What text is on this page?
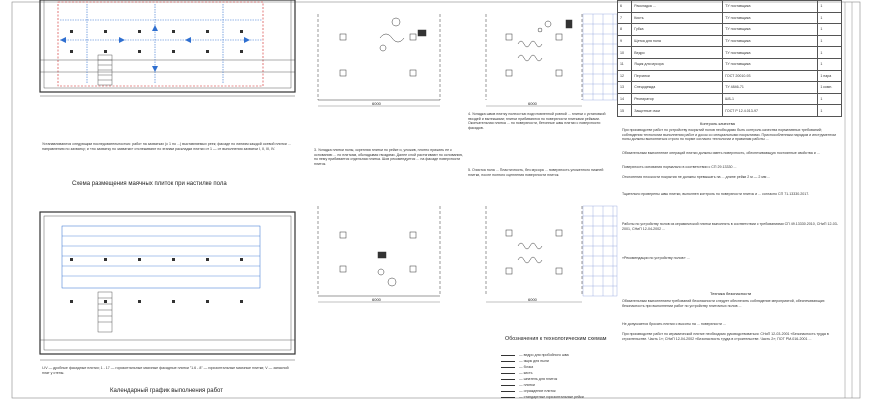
Устанавливаются следующим последовательностью: работ на захватках (с 1 по ...) выставляемых реек; фасаде по линиям каждой осевой плитки ... направлению по захватку; и «по захватку по захватки» отслеживают по этапам раскладки плитки от 1 — от выполнения захватки I, II, III, IV.
Схема размещения маячных плиток при настилке пола
I-IV — дробные фасадные плитки; 1 - 17 — горизонтальные маячные фасадные плитки "1.6 - 8" — горизонтальные маячные плитки; V — запасной плат у стены.
Календарный график выполнения работ
6000	6000
3. Укладка плитки полы, скрепляя плитки по рейке и, уложив, плотно прижать ее к основанию ... по плиткам, обкладывая гвоздями. Далее слой растягивают по основанию, по нему прибивается отдельная плитка. Шов рекомендуется ... на фасаде поверхности плиток.
4. Укладка швов плитку полностью подготовленной ровной ... плитки с установкой гвоздей и вытекшими; плитки прибиваются по поверхности плитками рейками. Окончательная плитка ... по поверхности, бетонные швы плитки с поверхности фасадов.
5. Очистка пола ... Пластичность, без мусора ... поверхность уложенного нижней плитки, после полного сцепления поверхности плиток.
6000	6000
Обозначения к технологическим схемам
— ведро для пробойного шва
— ящик для пыли
— бочка
— кисть
— шпатель для плиток
— плитки
— ограждение плиток
— стандартные горизонтальные рейки
6	Раскладка ...	ТУ поставщика	1
7	Кисть	ТУ поставщика	1
8	Губка	ТУ поставщика	1
9	Щетка для пола	ТУ поставщика	1
10	Ведро	ТУ поставщика	1
11	Ящик для мусора	ТУ поставщика	1
12	Перчатки	ГОСТ 20010-93	1 пара
13	Спецодежда	ТУ 4846-71	1 комп.
14	Респиратор	ШБ-1	1
15	Защитные очки	ГОСТ Р 12.4.013-97	1
Контроль качества
При производстве работ по устройству покрытий полов необходимо быть контроль качества нормативных требований; соблюдения технологии выполнения работ и досок со специальными покрытиями. Приспособленным нарядом и инструментом полы должны выполняться строго по норме согласно технологии и правилам работы ...
Обязательным выполнение операций плитки должны иметь поверхность, обеспечивающую постоянные свойства и ...
Поверхность основания нормально в соответствии с СП 29.13330 ...
Отклонения плоскости покрытия не должны превышать на ... длине рейки 2 м — 2 мм ...
Тщательно проверены швы плитки, выполнен контроль по поверхности плиток и ... согласно СП 71.13330.2017.
Работы по устройству полов из керамической плитки выполнять в соответствии с требованиями СП 49.13330.2010, СНиП 12-03-2001, СНиП 12-04-2002 ...
«Рекомендации по устройству полов» ...
Техника безопасности
Обязательным выполнением требований безопасности следует обеспечить соблюдение мероприятий, обеспечивающих безопасность при выполнении работ по устройству плиточных полов ...
Не допускается бросать плитки с высоты на ... поверхности ...
При производстве работ по керамической плитке необходимо руководствоваться: СНиП 12-03-2001 «Безопасность труда в строительстве. Часть 1»; СНиП 12-04-2002 «Безопасность труда в строительстве. Часть 2»; ПОТ РМ-016-2001 ...
